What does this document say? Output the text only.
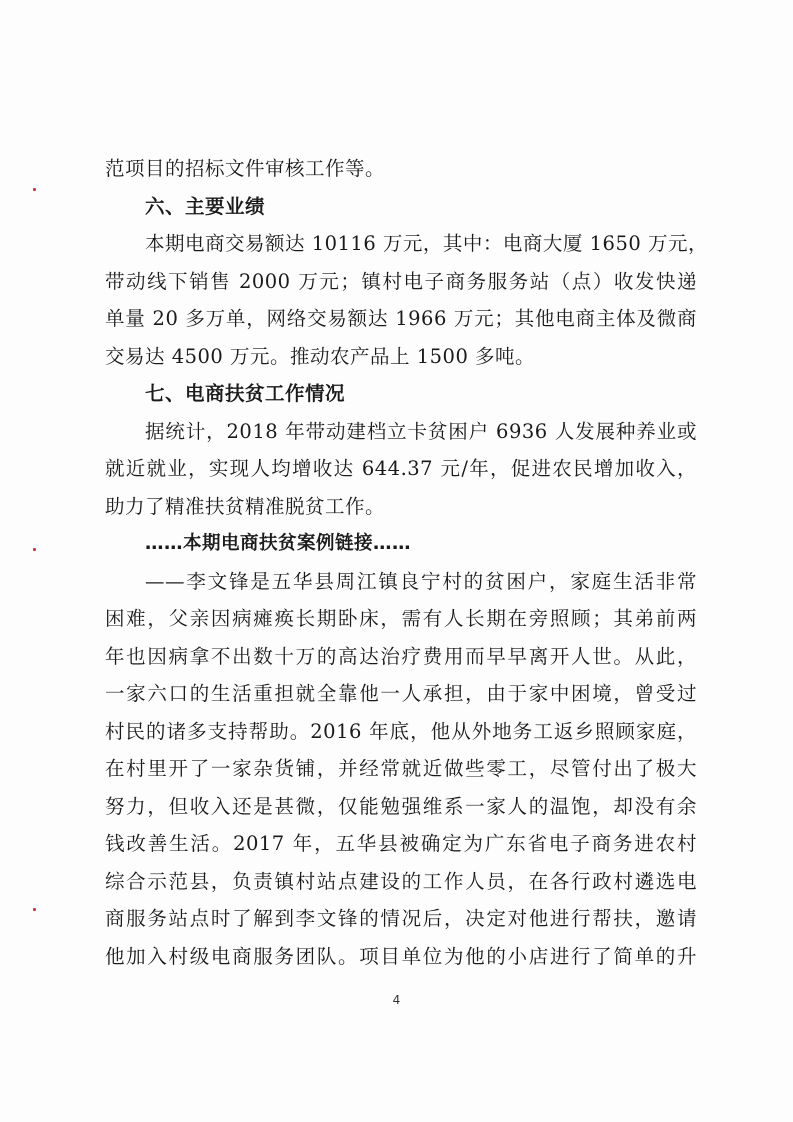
范项目的招标文件审核工作等。
六、主要业绩
本期电商交易额达 10116 万元，其中：电商大厦 1650 万元，
带动线下销售 2000 万元；镇村电子商务服务站（点）收发快递
单量 20 多万单，网络交易额达 1966 万元；其他电商主体及微商
交易达 4500 万元。推动农产品上 1500 多吨。
七、电商扶贫工作情况
据统计，2018 年带动建档立卡贫困户 6936 人发展种养业或
就近就业，实现人均增收达 644.37 元/年，促进农民增加收入，
助力了精准扶贫精准脱贫工作。
……本期电商扶贫案例链接……
——李文锋是五华县周江镇良宁村的贫困户，家庭生活非常
困难，父亲因病瘫痪长期卧床，需有人长期在旁照顾；其弟前两
年也因病拿不出数十万的高达治疗费用而早早离开人世。从此，
一家六口的生活重担就全靠他一人承担，由于家中困境，曾受过
村民的诸多支持帮助。2016 年底，他从外地务工返乡照顾家庭，
在村里开了一家杂货铺，并经常就近做些零工，尽管付出了极大
努力，但收入还是甚微，仅能勉强维系一家人的温饱，却没有余
钱改善生活。2017 年，五华县被确定为广东省电子商务进农村
综合示范县，负责镇村站点建设的工作人员，在各行政村遴选电
商服务站点时了解到李文锋的情况后，决定对他进行帮扶，邀请
他加入村级电商服务团队。项目单位为他的小店进行了简单的升
4
